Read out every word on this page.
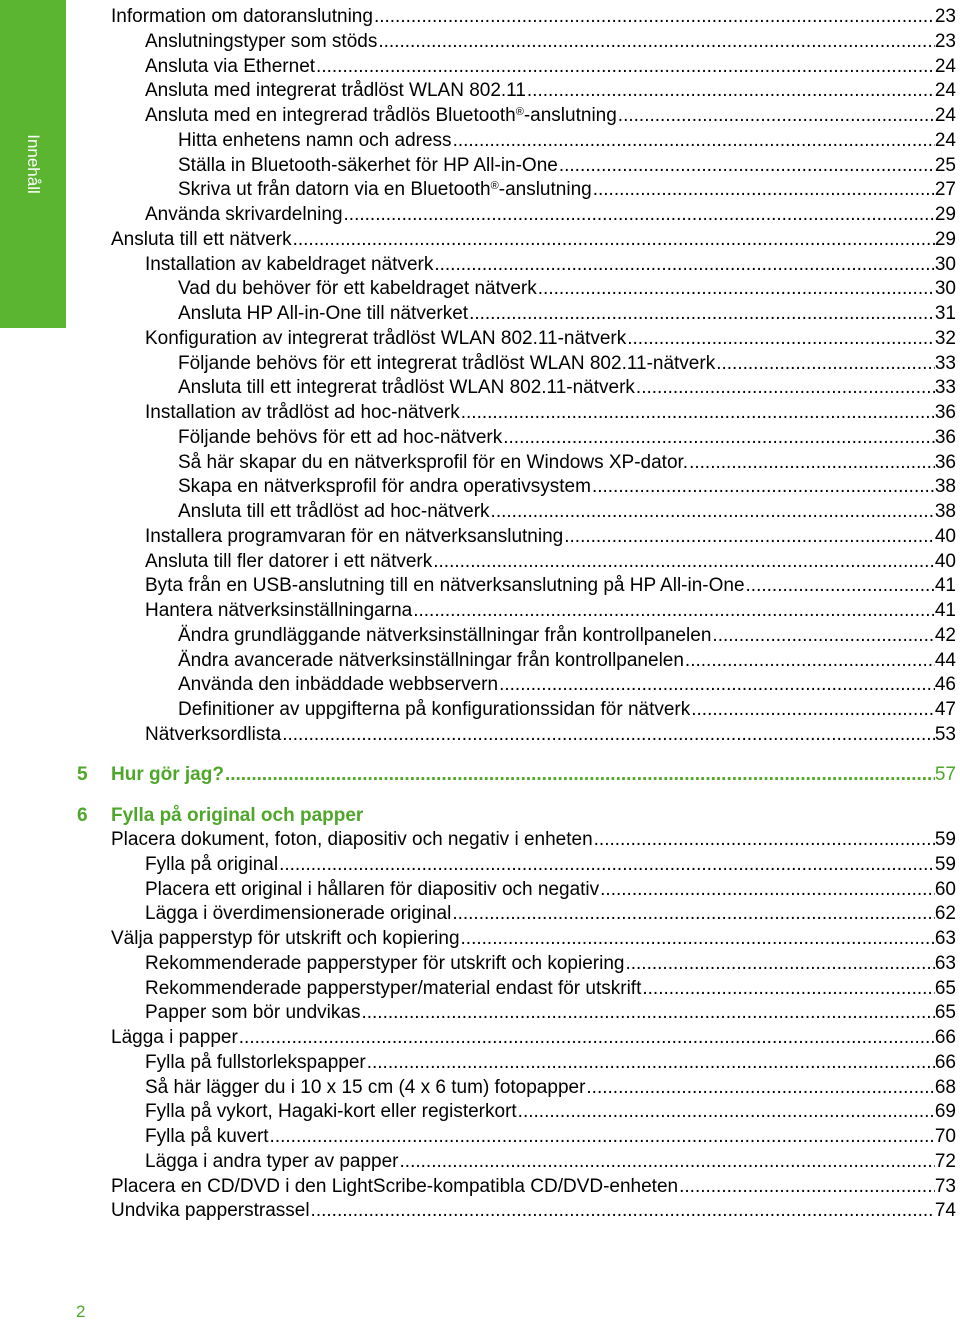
Innehåll
Information om datoranslutning .....	23
Anslutningstyper som stöds .....	23
Ansluta via Ethernet .....	24
Ansluta med integrerat trådlöst WLAN 802.11 .....	24
Ansluta med en integrerad trådlös Bluetooth®-anslutning .....	24
Hitta enhetens namn och adress .....	24
Ställa in Bluetooth-säkerhet för HP All-in-One .....	25
Skriva ut från datorn via en Bluetooth®-anslutning .....	27
Använda skrivardelning .....	29
Ansluta till ett nätverk .....	29
Installation av kabeldraget nätverk .....	30
Vad du behöver för ett kabeldraget nätverk .....	30
Ansluta HP All-in-One till nätverket .....	31
Konfiguration av integrerat trådlöst WLAN 802.11-nätverk .....	32
Följande behövs för ett integrerat trådlöst WLAN 802.11-nätverk .....	33
Ansluta till ett integrerat trådlöst WLAN 802.11-nätverk .....	33
Installation av trådlöst ad hoc-nätverk .....	36
Följande behövs för ett ad hoc-nätverk .....	36
Så här skapar du en nätverksprofil för en Windows XP-dator. .....	36
Skapa en nätverksprofil för andra operativsystem .....	38
Ansluta till ett trådlöst ad hoc-nätverk .....	38
Installera programvaran för en nätverksanslutning .....	40
Ansluta till fler datorer i ett nätverk .....	40
Byta från en USB-anslutning till en nätverksanslutning på HP All-in-One .....	41
Hantera nätverksinställningarna .....	41
Ändra grundläggande nätverksinställningar från kontrollpanelen .....	42
Ändra avancerade nätverksinställningar från kontrollpanelen .....	44
Använda den inbäddade webbservern .....	46
Definitioner av uppgifterna på konfigurationssidan för nätverk .....	47
Nätverksordlista .....	53
5 Hur gör jag? .....	57
6 Fylla på original och papper
Placera dokument, foton, diapositiv och negativ i enheten .....	59
Fylla på original .....	59
Placera ett original i hållaren för diapositiv och negativ .....	60
Lägga i överdimensionerade original .....	62
Välja papperstyp för utskrift och kopiering .....	63
Rekommenderade papperstyper för utskrift och kopiering .....	63
Rekommenderade papperstyper/material endast för utskrift .....	65
Papper som bör undvikas .....	65
Lägga i papper .....	66
Fylla på fullstorlekspapper .....	66
Så här lägger du i 10 x 15 cm (4 x 6 tum) fotopapper .....	68
Fylla på vykort, Hagaki-kort eller registerkort .....	69
Fylla på kuvert .....	70
Lägga i andra typer av papper .....	72
Placera en CD/DVD i den LightScribe-kompatibla CD/DVD-enheten .....	73
Undvika papperstrassel .....	74
2
